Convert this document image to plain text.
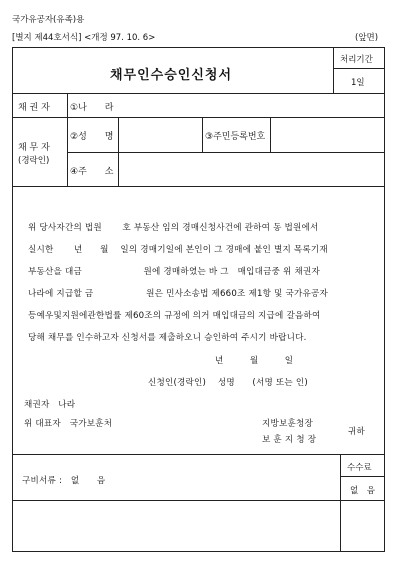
국가유공자(유족)용
[별지 제44호서식] <개정 97. 10. 6>	(앞면)
채무인수승인신청서
처리기간
1일
채 권 자 ①나　　라
채 무 자
(경락인)
②성　　명	③주민등록번호
④주　　소
위 당사자간의 법원　　 호 부동산 임의 경매신청사건에 관하여 동 법원에서
실시한　　 년　　월　 일의 경매기일에 본인이 그 경매에 붙인 별지 목록기재
부동산을 대금　　　　　　　원에 경매하였는 바 그　매입대금중 위 채권자
나라에 지급할 금　　　　　　원은 민사소송법 제660조 제1항 및 국가유공자
등예우및지원에관한법률 제60조의 규정에 의거 매입대금의 지급에 갈음하여
당해 채무를 인수하고자 신청서를 제출하오니 승인하여 주시기 바랍니다.
년　　　월　　　일
신청인(경락인)　 성명　　(서명 또는 인)
채권자　나라
위 대표자　국가보훈처	지방보훈청장
보 훈 지 청 장
귀하
구비서류 :　없　　음
수수료
없　음
